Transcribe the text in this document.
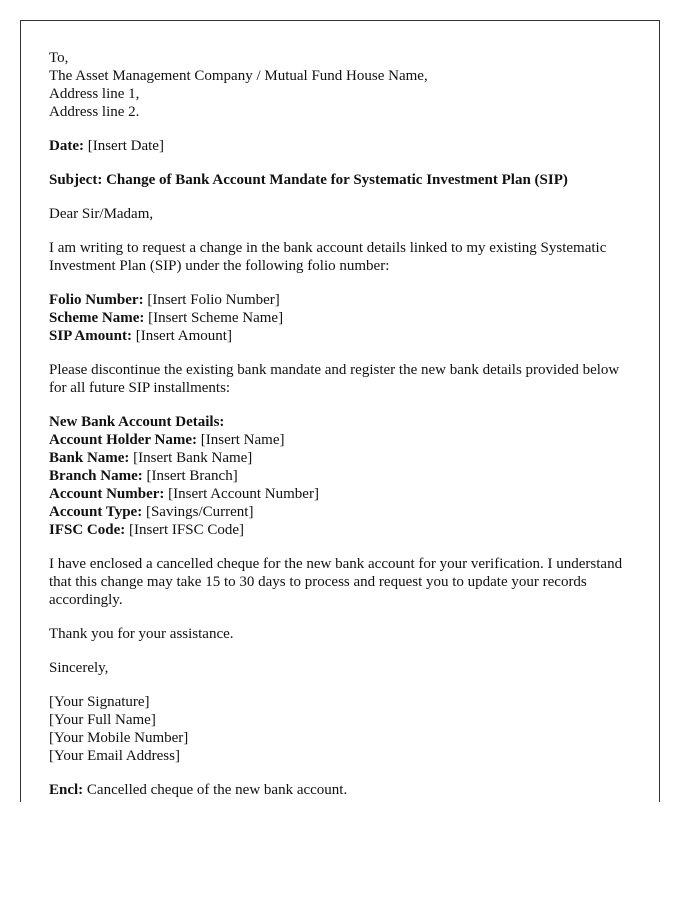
To,
The Asset Management Company / Mutual Fund House Name,
Address line 1,
Address line 2.

Date: [Insert Date]

Subject: Change of Bank Account Mandate for Systematic Investment Plan (SIP)

Dear Sir/Madam,

I am writing to request a change in the bank account details linked to my existing Systematic Investment Plan (SIP) under the following folio number:

Folio Number: [Insert Folio Number]
Scheme Name: [Insert Scheme Name]
SIP Amount: [Insert Amount]

Please discontinue the existing bank mandate and register the new bank details provided below for all future SIP installments:

New Bank Account Details:
Account Holder Name: [Insert Name]
Bank Name: [Insert Bank Name]
Branch Name: [Insert Branch]
Account Number: [Insert Account Number]
Account Type: [Savings/Current]
IFSC Code: [Insert IFSC Code]

I have enclosed a cancelled cheque for the new bank account for your verification. I understand that this change may take 15 to 30 days to process and request you to update your records accordingly.

Thank you for your assistance.

Sincerely,

[Your Signature]
[Your Full Name]
[Your Mobile Number]
[Your Email Address]

Encl: Cancelled cheque of the new bank account.
